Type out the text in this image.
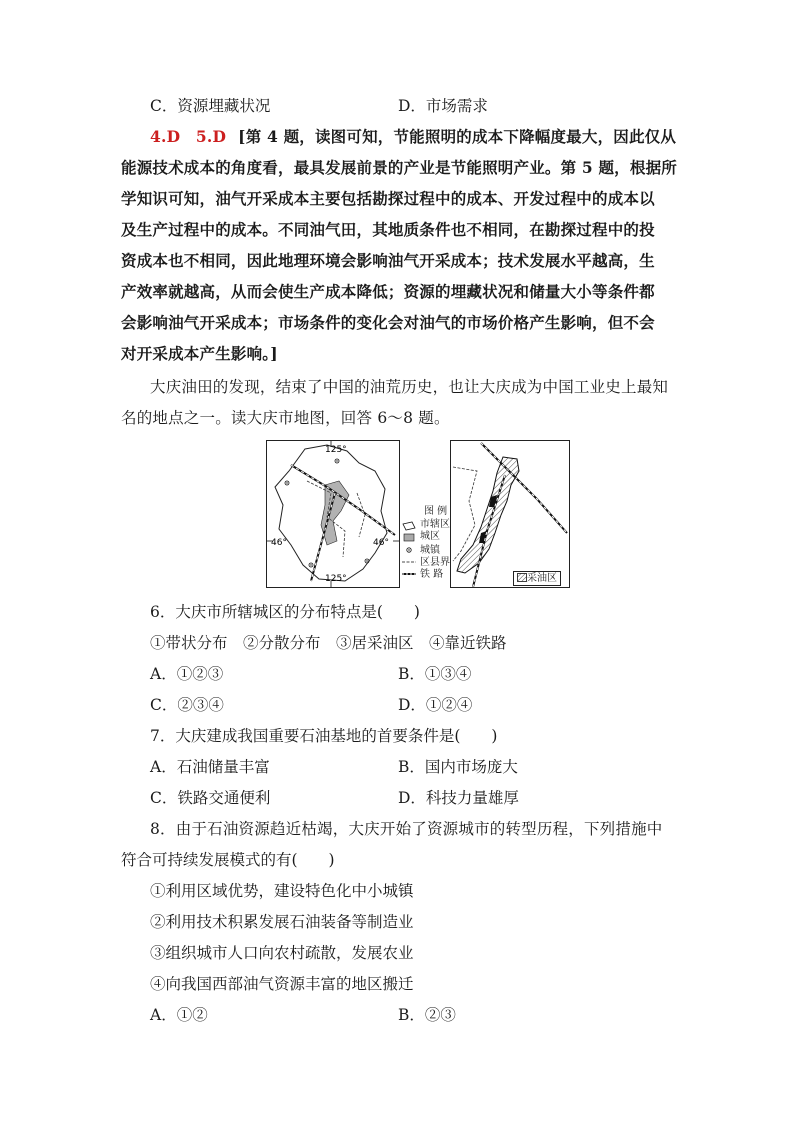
C．资源埋藏状况	D．市场需求
4.D　5.D [第 4 题，读图可知，节能照明的成本下降幅度最大，因此仅从
能源技术成本的角度看，最具发展前景的产业是节能照明产业。第 5 题，根据所
学知识可知，油气开采成本主要包括勘探过程中的成本、开发过程中的成本以
及生产过程中的成本。不同油气田，其地质条件也不相同，在勘探过程中的投
资成本也不相同，因此地理环境会影响油气开采成本；技术发展水平越高，生
产效率就越高，从而会使生产成本降低；资源的埋藏状况和储量大小等条件都
会影响油气开采成本；市场条件的变化会对油气的市场价格产生影响，但不会
对开采成本产生影响。]
大庆油田的发现，结束了中国的油荒历史，也让大庆成为中国工业史上最知
名的地点之一。读大庆市地图，回答 6～8 题。
125°
125°
46°	46°
图 例
市辖区
城区
城镇
区县界
铁 路	采油区
6．大庆市所辖城区的分布特点是(　　)
①带状分布　②分散分布　③居采油区　④靠近铁路
A．①②③	B．①③④
C．②③④	D．①②④
7．大庆建成我国重要石油基地的首要条件是(　　)
A．石油储量丰富	B．国内市场庞大
C．铁路交通便利	D．科技力量雄厚
8．由于石油资源趋近枯竭，大庆开始了资源城市的转型历程，下列措施中
符合可持续发展模式的有(　　)
①利用区域优势，建设特色化中小城镇
②利用技术积累发展石油装备等制造业
③组织城市人口向农村疏散，发展农业
④向我国西部油气资源丰富的地区搬迁
A．①②	B．②③
